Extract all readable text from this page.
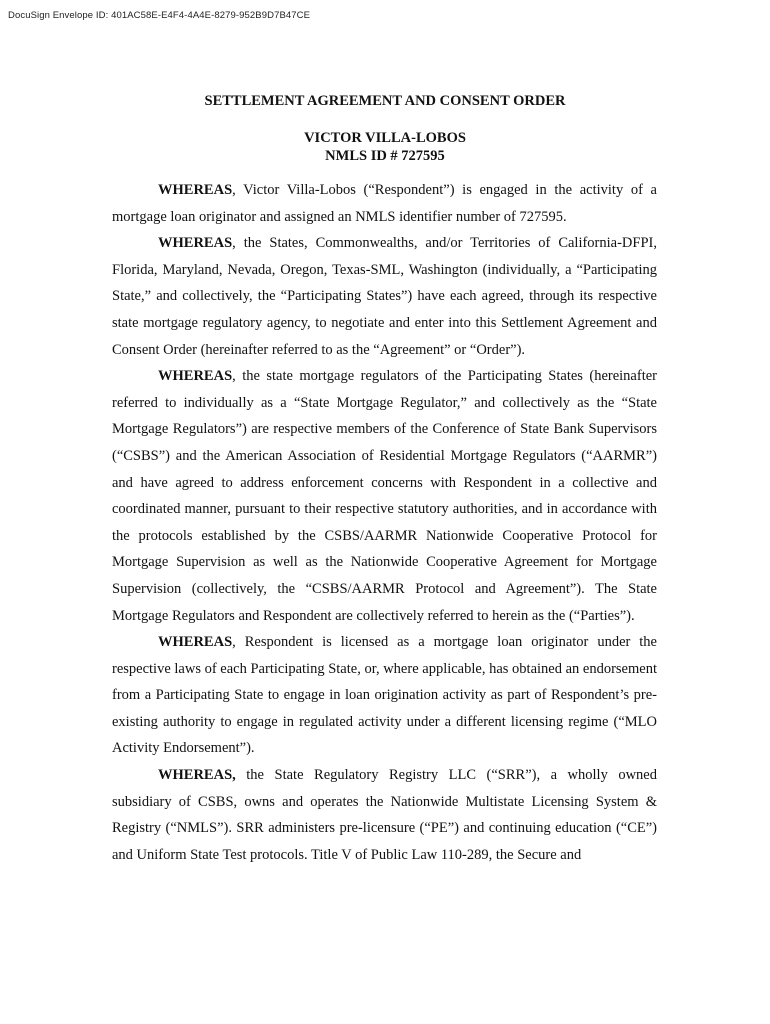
DocuSign Envelope ID: 401AC58E-E4F4-4A4E-8279-952B9D7B47CE
SETTLEMENT AGREEMENT AND CONSENT ORDER
VICTOR VILLA-LOBOS
NMLS ID # 727595

WHEREAS, Victor Villa-Lobos (“Respondent”) is engaged in the activity of a mortgage loan originator and assigned an NMLS identifier number of 727595.

WHEREAS, the States, Commonwealths, and/or Territories of California-DFPI, Florida, Maryland, Nevada, Oregon, Texas-SML, Washington (individually, a “Participating State,” and collectively, the “Participating States”) have each agreed, through its respective state mortgage regulatory agency, to negotiate and enter into this Settlement Agreement and Consent Order (hereinafter referred to as the “Agreement” or “Order”).

WHEREAS, the state mortgage regulators of the Participating States (hereinafter referred to individually as a “State Mortgage Regulator,” and collectively as the “State Mortgage Regulators”) are respective members of the Conference of State Bank Supervisors (“CSBS”) and the American Association of Residential Mortgage Regulators (“AARMR”) and have agreed to address enforcement concerns with Respondent in a collective and coordinated manner, pursuant to their respective statutory authorities, and in accordance with the protocols established by the CSBS/AARMR Nationwide Cooperative Protocol for Mortgage Supervision as well as the Nationwide Cooperative Agreement for Mortgage Supervision (collectively, the “CSBS/AARMR Protocol and Agreement”). The State Mortgage Regulators and Respondent are collectively referred to herein as the (“Parties”).

WHEREAS, Respondent is licensed as a mortgage loan originator under the respective laws of each Participating State, or, where applicable, has obtained an endorsement from a Participating State to engage in loan origination activity as part of Respondent’s pre-existing authority to engage in regulated activity under a different licensing regime (“MLO Activity Endorsement”).

WHEREAS, the State Regulatory Registry LLC (“SRR”), a wholly owned subsidiary of CSBS, owns and operates the Nationwide Multistate Licensing System & Registry (“NMLS”). SRR administers pre-licensure (“PE”) and continuing education (“CE”) and Uniform State Test protocols. Title V of Public Law 110-289, the Secure and
